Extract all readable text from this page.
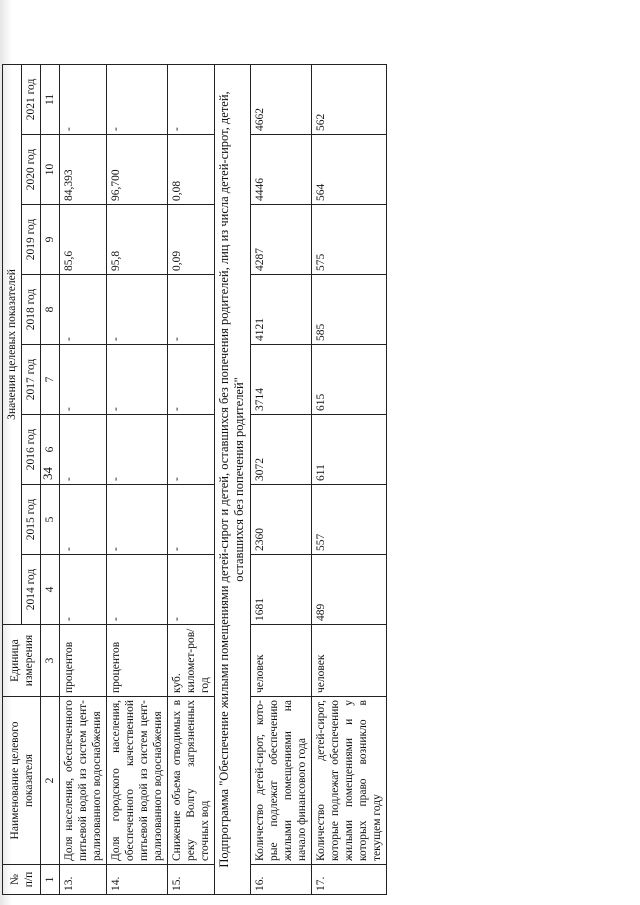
34
№ п/п	Наименование целевого показателя	Единица измерения	Значения целевых показателей							
			2014 год	2015 год	2016 год	2017 год	2018 год	2019 год	2020 год	2021 год
1	2	3	4	5	6	7	8	9	10	11
13.	Доля населения, обеспеченного питьевой водой из систем цент-рализованного водоснабжения	процентов	-	-	-	-	-	85,6	84,393	-
14.	Доля городского населения, обеспеченного качественной питьевой водой из систем цент-рализованного водоснабжения	процентов	-	-	-	-	-	95,8	96,700	-
15.	Снижение объема отводимых в реку Волгу загрязненных сточных вод	куб. километ-ров/год	-	-	-	-	-	0,09	0,08	-
Подпрограмма "Обеспечение жилыми помещениями детей-сирот и детей, оставшихся без попечения родителей, лиц из числа детей-сирот, детей, оставшихся без попечения родителей"										
16.	Количество детей-сирот, кото-рые подлежат обеспечению жилыми помещениями на начало финансового года	человек	1681	2360	3072	3714	4121	4287	4446	4662
17.	Количество детей-сирот, которые подлежат обеспечению жилыми помещениями и у которых право возникло в текущем году	человек	489	557	611	615	585	575	564	562
